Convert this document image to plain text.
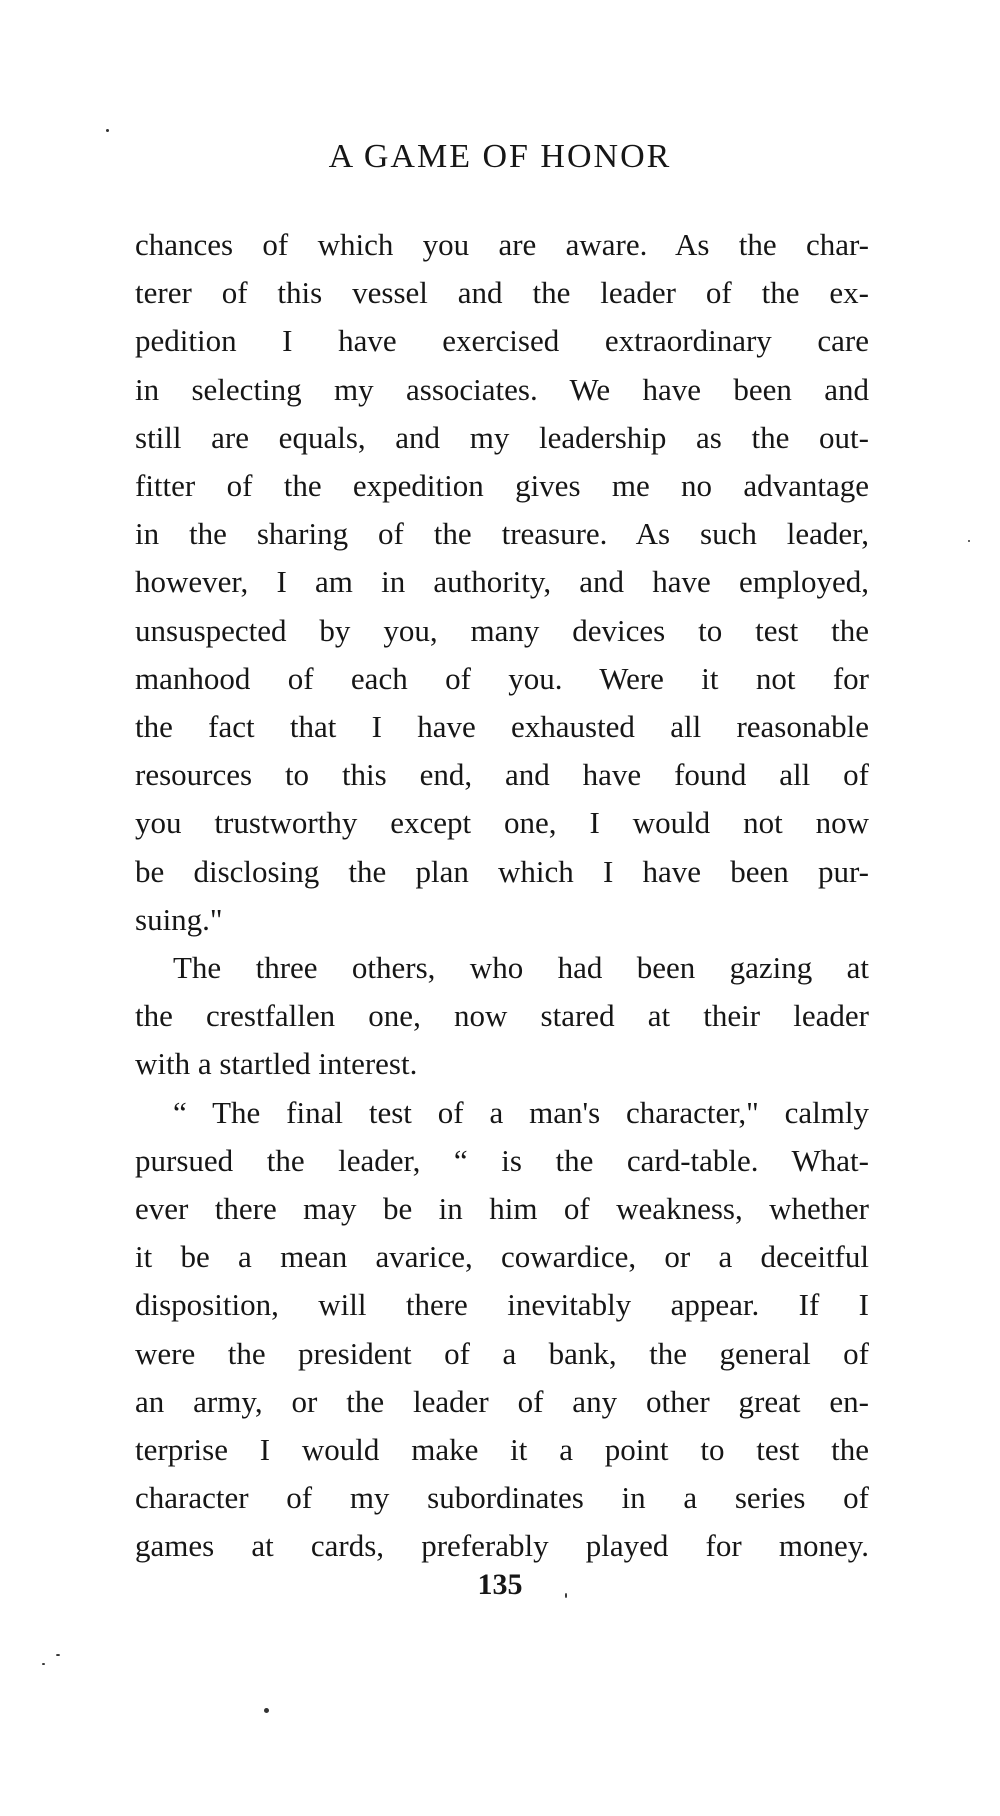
A GAME OF HONOR
chances of which you are aware. As the char-
terer of this vessel and the leader of the ex-
pedition I have exercised extraordinary care
in selecting my associates. We have been and
still are equals, and my leadership as the out-
fitter of the expedition gives me no advantage
in the sharing of the treasure. As such leader,
however, I am in authority, and have employed,
unsuspected by you, many devices to test the
manhood of each of you. Were it not for
the fact that I have exhausted all reasonable
resources to this end, and have found all of
you trustworthy except one, I would not now
be disclosing the plan which I have been pur-
suing."
The three others, who had been gazing at
the crestfallen one, now stared at their leader
with a startled interest.
“ The final test of a man's character," calmly
pursued the leader, “ is the card-table. What-
ever there may be in him of weakness, whether
it be a mean avarice, cowardice, or a deceitful
disposition, will there inevitably appear. If I
were the president of a bank, the general of
an army, or the leader of any other great en-
terprise I would make it a point to test the
character of my subordinates in a series of
games at cards, preferably played for money.
135
